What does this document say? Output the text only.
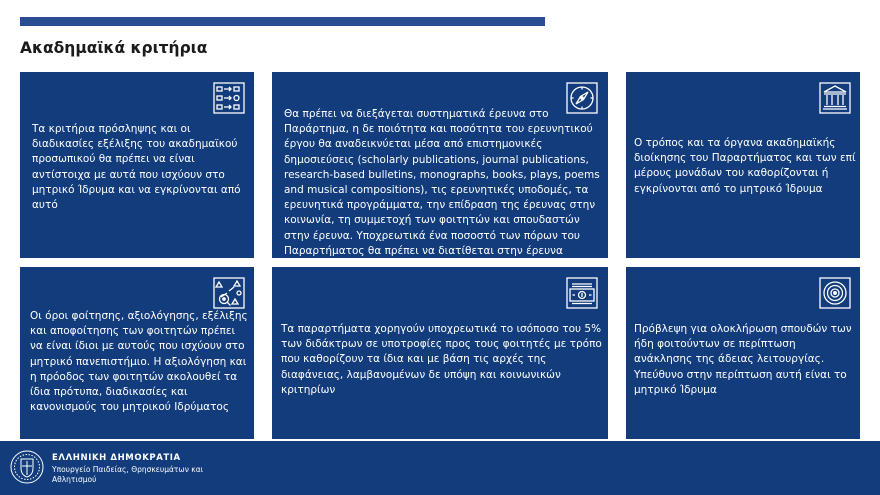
Ακαδημαϊκά κριτήρια
Τα κριτήρια πρόσληψης και οι διαδικασίες εξέλιξης του ακαδημαϊκού προσωπικού θα πρέπει να είναι αντίστοιχα με αυτά που ισχύουν στο μητρικό Ίδρυμα και να εγκρίνονται από αυτό
Θα πρέπει να διεξάγεται συστηματικά έρευνα στο Παράρτημα, η δε ποιότητα και ποσότητα του ερευνητικού έργου θα αναδεικνύεται μέσα από επιστημονικές δημοσιεύσεις (scholarly publications, journal publications, research-based bulletins, monographs, books, plays, poems and musical compositions), τις ερευνητικές υποδομές, τα ερευνητικά προγράμματα, την επίδραση της έρευνας στην κοινωνία, τη συμμετοχή των φοιτητών και σπουδαστών στην έρευνα. Υποχρεωτικά ένα ποσοστό των πόρων του Παραρτήματος θα πρέπει να διατίθεται στην έρευνα
Ο τρόπος και τα όργανα ακαδημαϊκής διοίκησης του Παραρτήματος και των επί μέρους μονάδων του καθορίζονται ή εγκρίνονται από το μητρικό Ίδρυμα
Οι όροι φοίτησης, αξιολόγησης, εξέλιξης και αποφοίτησης των φοιτητών πρέπει να είναι ίδιοι με αυτούς που ισχύουν στο μητρικό πανεπιστήμιο. Η αξιολόγηση και η πρόοδος των φοιτητών ακολουθεί τα ίδια πρότυπα, διαδικασίες και κανονισμούς του μητρικού Ιδρύματος
Τα παραρτήματα χορηγούν υποχρεωτικά το ισόποσο του 5% των διδάκτρων σε υποτροφίες προς τους φοιτητές με τρόπο που καθορίζουν τα ίδια και με βάση τις αρχές της διαφάνειας, λαμβανομένων δε υπόψη και κοινωνικών κριτηρίων
Πρόβλεψη για ολοκλήρωση σπουδών των ήδη φοιτούντων σε περίπτωση ανάκλησης της άδειας λειτουργίας. Υπεύθυνο στην περίπτωση αυτή είναι το μητρικό Ίδρυμα
ΕΛΛΗΝΙΚΗ ΔΗΜΟΚΡΑΤΙΑ
Υπουργείο Παιδείας, Θρησκευμάτων και Αθλητισμού
